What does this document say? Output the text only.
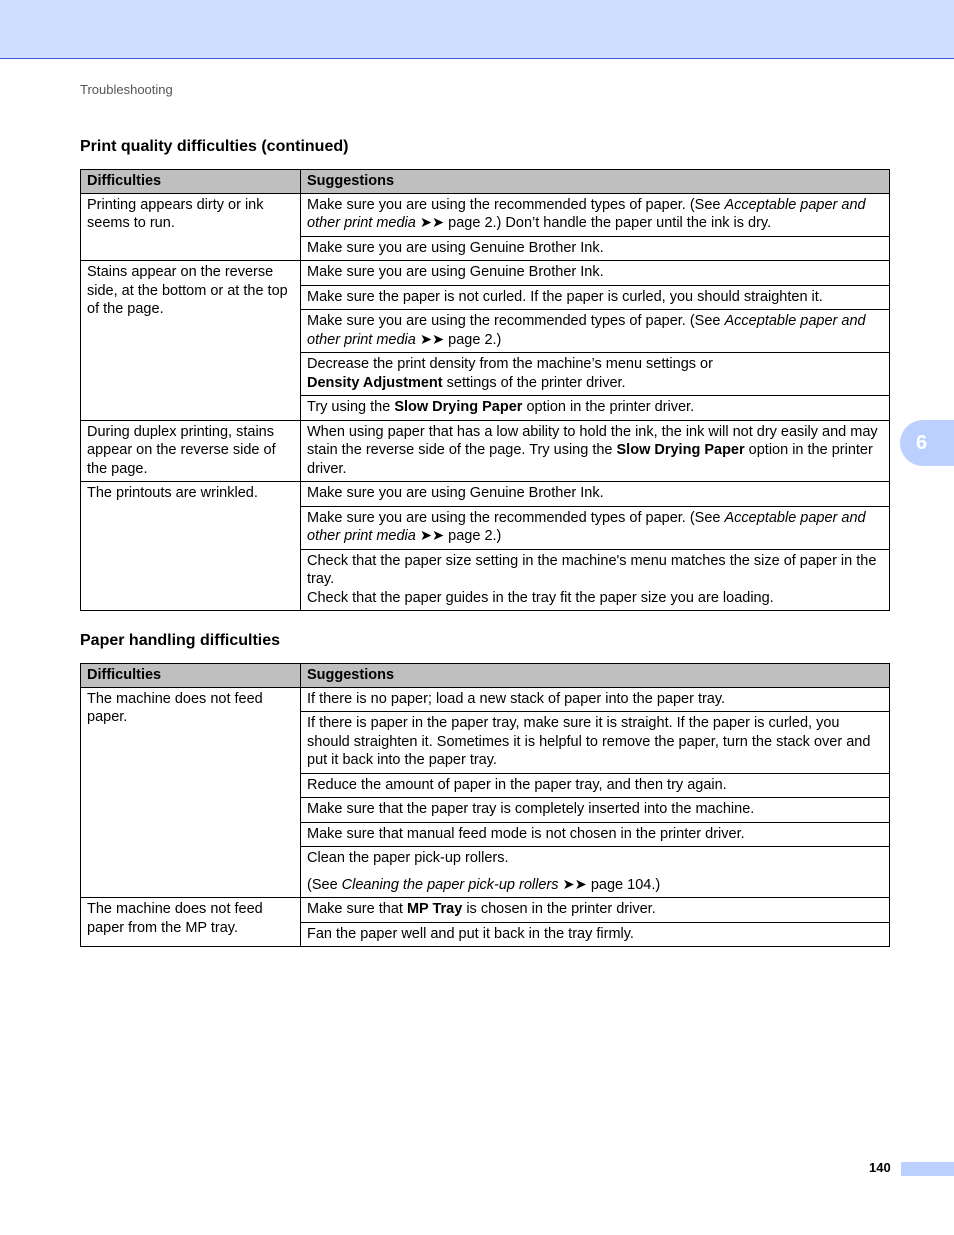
Troubleshooting
6
Print quality difficulties (continued)
Difficulties	Suggestions
Printing appears dirty or ink seems to run.	Make sure you are using the recommended types of paper. (See Acceptable paper and other print media ➤➤ page 2.) Don’t handle the paper until the ink is dry.
	Make sure you are using Genuine Brother Ink.
Stains appear on the reverse side, at the bottom or at the top of the page.	Make sure you are using Genuine Brother Ink.
	Make sure the paper is not curled. If the paper is curled, you should straighten it.
	Make sure you are using the recommended types of paper. (See Acceptable paper and other print media ➤➤ page 2.)
	Decrease the print density from the machine’s menu settings or
Density Adjustment settings of the printer driver.
	Try using the Slow Drying Paper option in the printer driver.
During duplex printing, stains appear on the reverse side of the page.	When using paper that has a low ability to hold the ink, the ink will not dry easily and may stain the reverse side of the page. Try using the Slow Drying Paper option in the printer driver.
The printouts are wrinkled.	Make sure you are using Genuine Brother Ink.
	Make sure you are using the recommended types of paper. (See Acceptable paper and other print media ➤➤ page 2.)
	Check that the paper size setting in the machine's menu matches the size of paper in the tray.
Check that the paper guides in the tray fit the paper size you are loading.
Paper handling difficulties
Difficulties	Suggestions
The machine does not feed paper.	If there is no paper; load a new stack of paper into the paper tray.
	If there is paper in the paper tray, make sure it is straight. If the paper is curled, you should straighten it. Sometimes it is helpful to remove the paper, turn the stack over and put it back into the paper tray.
	Reduce the amount of paper in the paper tray, and then try again.
	Make sure that the paper tray is completely inserted into the machine.
	Make sure that manual feed mode is not chosen in the printer driver.
	Clean the paper pick-up rollers.
(See Cleaning the paper pick-up rollers ➤➤ page 104.)
The machine does not feed paper from the MP tray.	Make sure that MP Tray is chosen in the printer driver.
	Fan the paper well and put it back in the tray firmly.
140
